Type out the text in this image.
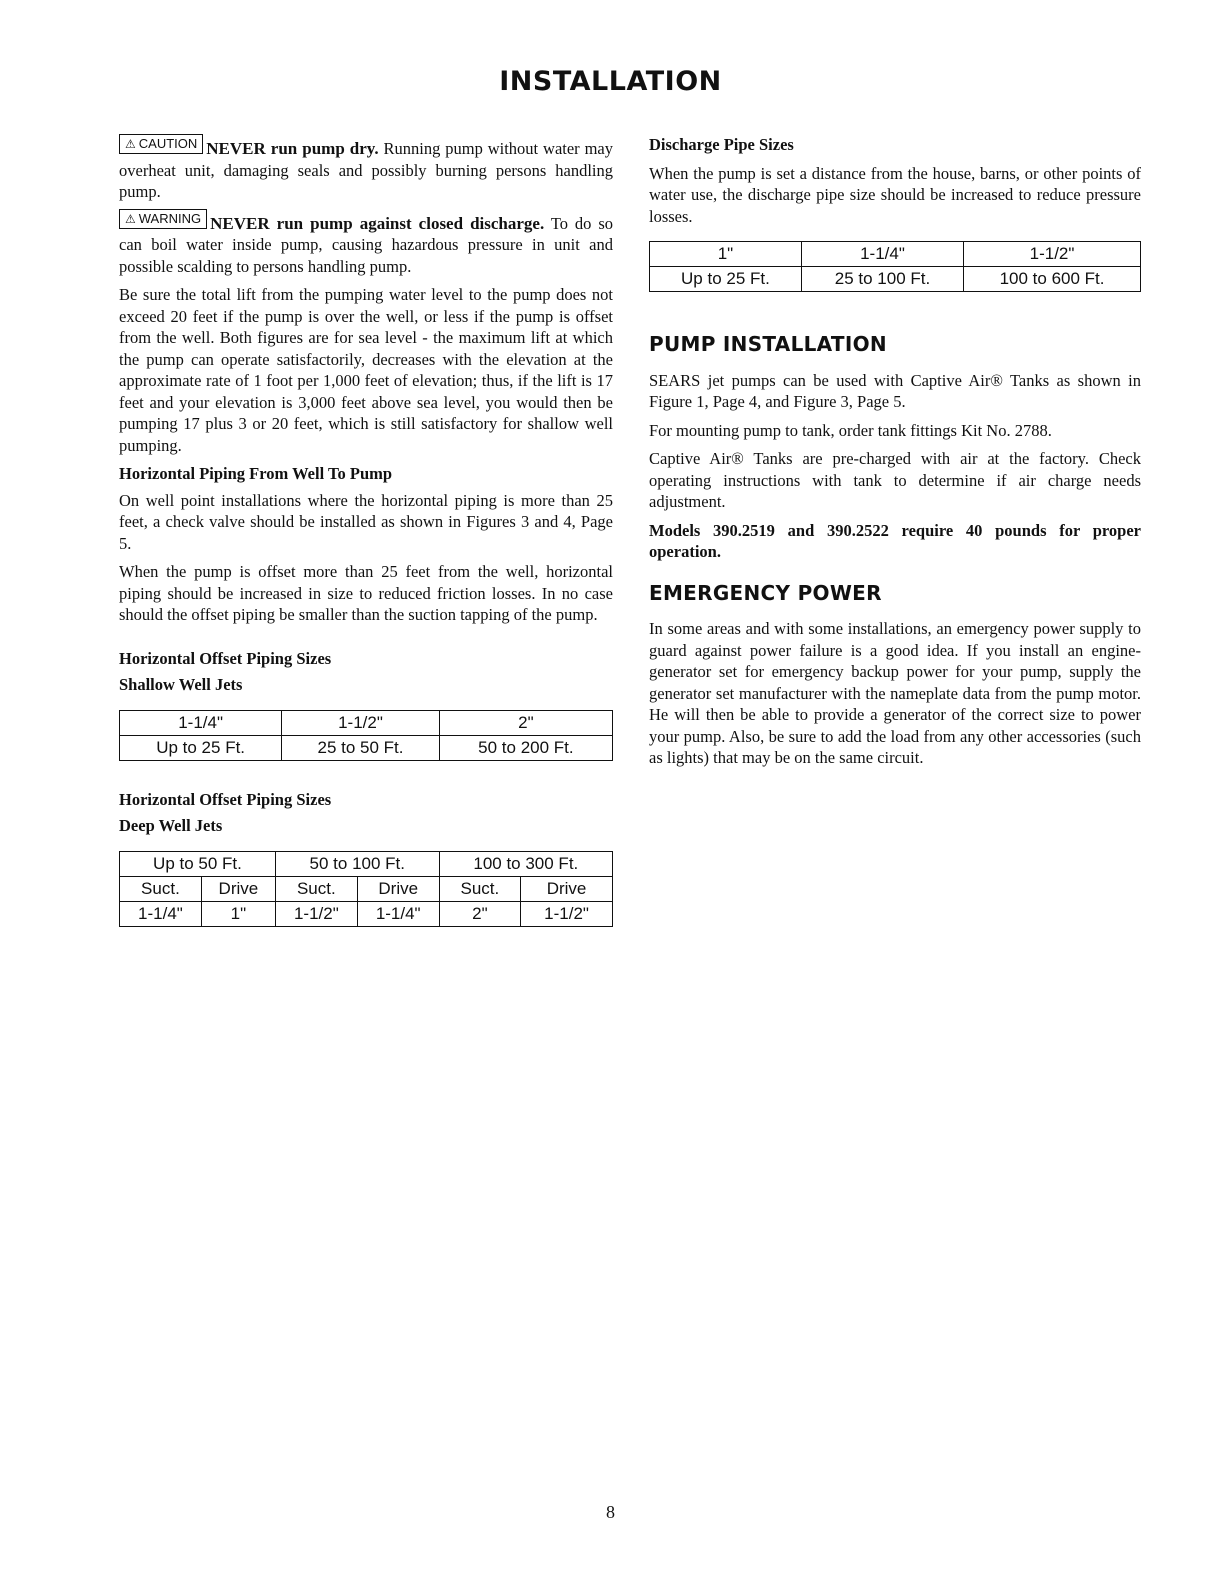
INSTALLATION

⚠ CAUTION NEVER run pump dry. Running pump without water may overheat unit, damaging seals and possibly burning persons handling pump.

⚠ WARNING NEVER run pump against closed discharge. To do so can boil water inside pump, causing hazardous pressure in unit and possible scalding to persons handling pump.

Be sure the total lift from the pumping water level to the pump does not exceed 20 feet if the pump is over the well, or less if the pump is offset from the well. Both figures are for sea level - the maximum lift at which the pump can operate satisfactorily, decreases with the elevation at the approximate rate of 1 foot per 1,000 feet of elevation; thus, if the lift is 17 feet and your elevation is 3,000 feet above sea level, you would then be pumping 17 plus 3 or 20 feet, which is still satisfactory for shallow well pumping.

Horizontal Piping From Well To Pump

On well point installations where the horizontal piping is more than 25 feet, a check valve should be installed as shown in Figures 3 and 4, Page 5.

When the pump is offset more than 25 feet from the well, horizontal piping should be increased in size to reduced friction losses. In no case should the offset piping be smaller than the suction tapping of the pump.

Horizontal Offset Piping Sizes
Shallow Well Jets
1-1/4"	1-1/2"	2"
Up to 25 Ft.	25 to 50 Ft.	50 to 200 Ft.
Horizontal Offset Piping Sizes
Deep Well Jets
Up to 50 Ft.		50 to 100 Ft.		100 to 300 Ft.	
Suct.	Drive	Suct.	Drive	Suct.	Drive
1-1/4"	1"	1-1/2"	1-1/4"	2"	1-1/2"
Discharge Pipe Sizes

When the pump is set a distance from the house, barns, or other points of water use, the discharge pipe size should be increased to reduce pressure losses.

1"	1-1/4"	1-1/2"
Up to 25 Ft.	25 to 100 Ft.	100 to 600 Ft.
PUMP INSTALLATION

SEARS jet pumps can be used with Captive Air® Tanks as shown in Figure 1, Page 4, and Figure 3, Page 5.

For mounting pump to tank, order tank fittings Kit No. 2788.

Captive Air® Tanks are pre-charged with air at the factory. Check operating instructions with tank to determine if air charge needs adjustment.

Models 390.2519 and 390.2522 require 40 pounds for proper operation.

EMERGENCY POWER

In some areas and with some installations, an emergency power supply to guard against power failure is a good idea. If you install an engine-generator set for emergency backup power for your pump, supply the generator set manufacturer with the nameplate data from the pump motor. He will then be able to provide a generator of the correct size to power your pump. Also, be sure to add the load from any other accessories (such as lights) that may be on the same circuit.

8
